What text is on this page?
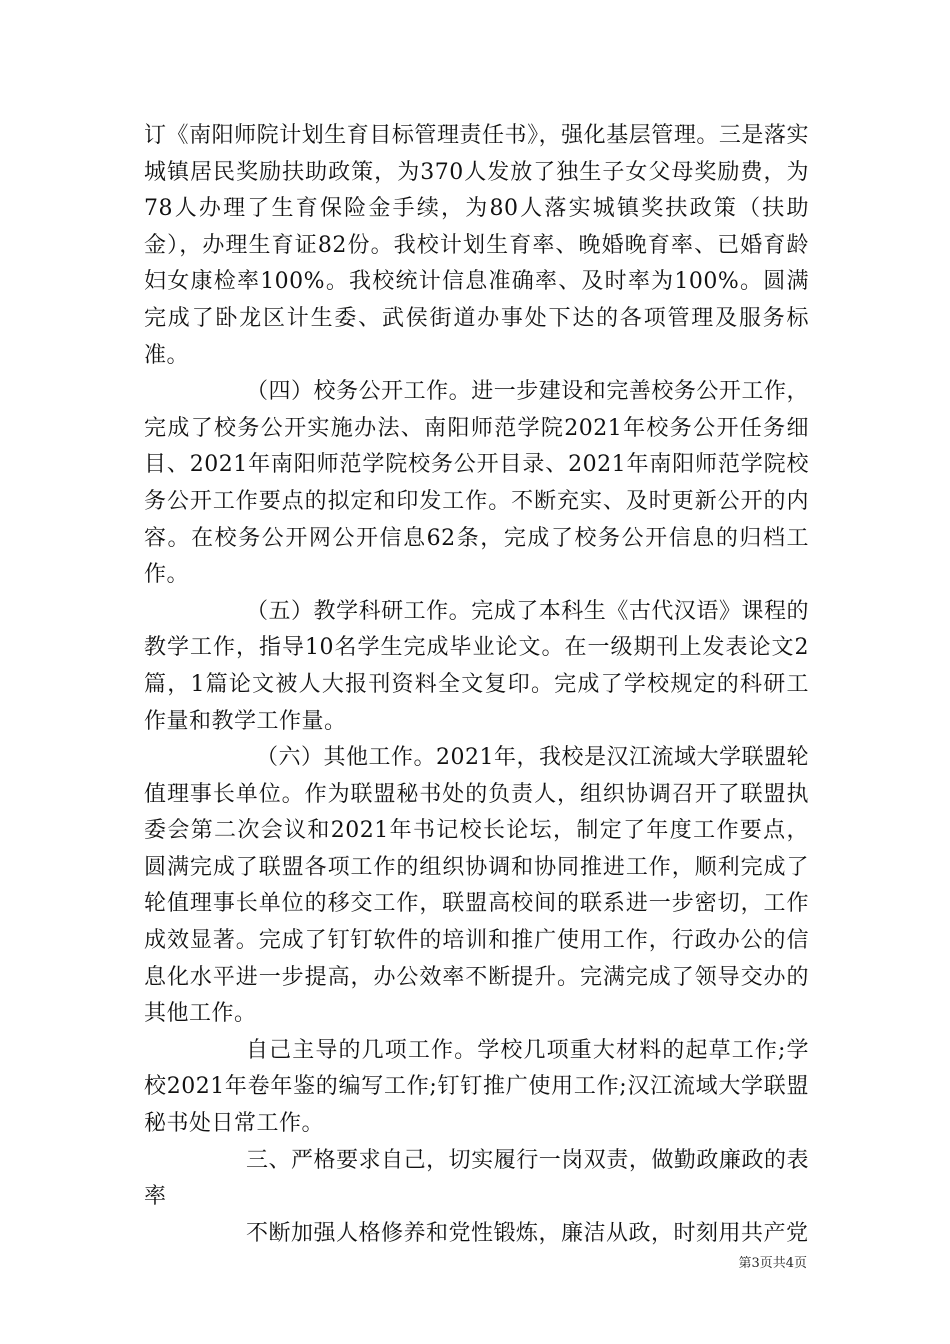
订《南阳师院计划生育目标管理责任书》，强化基层管理。三是落实城镇居民奖励扶助政策，为370人发放了独生子女父母奖励费，为78人办理了生育保险金手续，为80人落实城镇奖扶政策（扶助金），办理生育证82份。我校计划生育率、晚婚晚育率、已婚育龄妇女康检率100%。我校统计信息准确率、及时率为100%。圆满完成了卧龙区计生委、武侯街道办事处下达的各项管理及服务标准。

（四）校务公开工作。进一步建设和完善校务公开工作，完成了校务公开实施办法、南阳师范学院2021年校务公开任务细目、2021年南阳师范学院校务公开目录、2021年南阳师范学院校务公开工作要点的拟定和印发工作。不断充实、及时更新公开的内容。在校务公开网公开信息62条，完成了校务公开信息的归档工作。

（五）教学科研工作。完成了本科生《古代汉语》课程的教学工作，指导10名学生完成毕业论文。在一级期刊上发表论文2篇，1篇论文被人大报刊资料全文复印。完成了学校规定的科研工作量和教学工作量。

（六）其他工作。2021年，我校是汉江流域大学联盟轮值理事长单位。作为联盟秘书处的负责人，组织协调召开了联盟执委会第二次会议和2021年书记校长论坛，制定了年度工作要点，圆满完成了联盟各项工作的组织协调和协同推进工作，顺利完成了轮值理事长单位的移交工作，联盟高校间的联系进一步密切，工作成效显著。完成了钉钉软件的培训和推广使用工作，行政办公的信息化水平进一步提高，办公效率不断提升。完满完成了领导交办的其他工作。

自己主导的几项工作。学校几项重大材料的起草工作;学校2021年卷年鉴的编写工作;钉钉推广使用工作;汉江流域大学联盟秘书处日常工作。

三、严格要求自己，切实履行一岗双责，做勤政廉政的表率

不断加强人格修养和党性锻炼，廉洁从政，时刻用共产党

第3页共4页
